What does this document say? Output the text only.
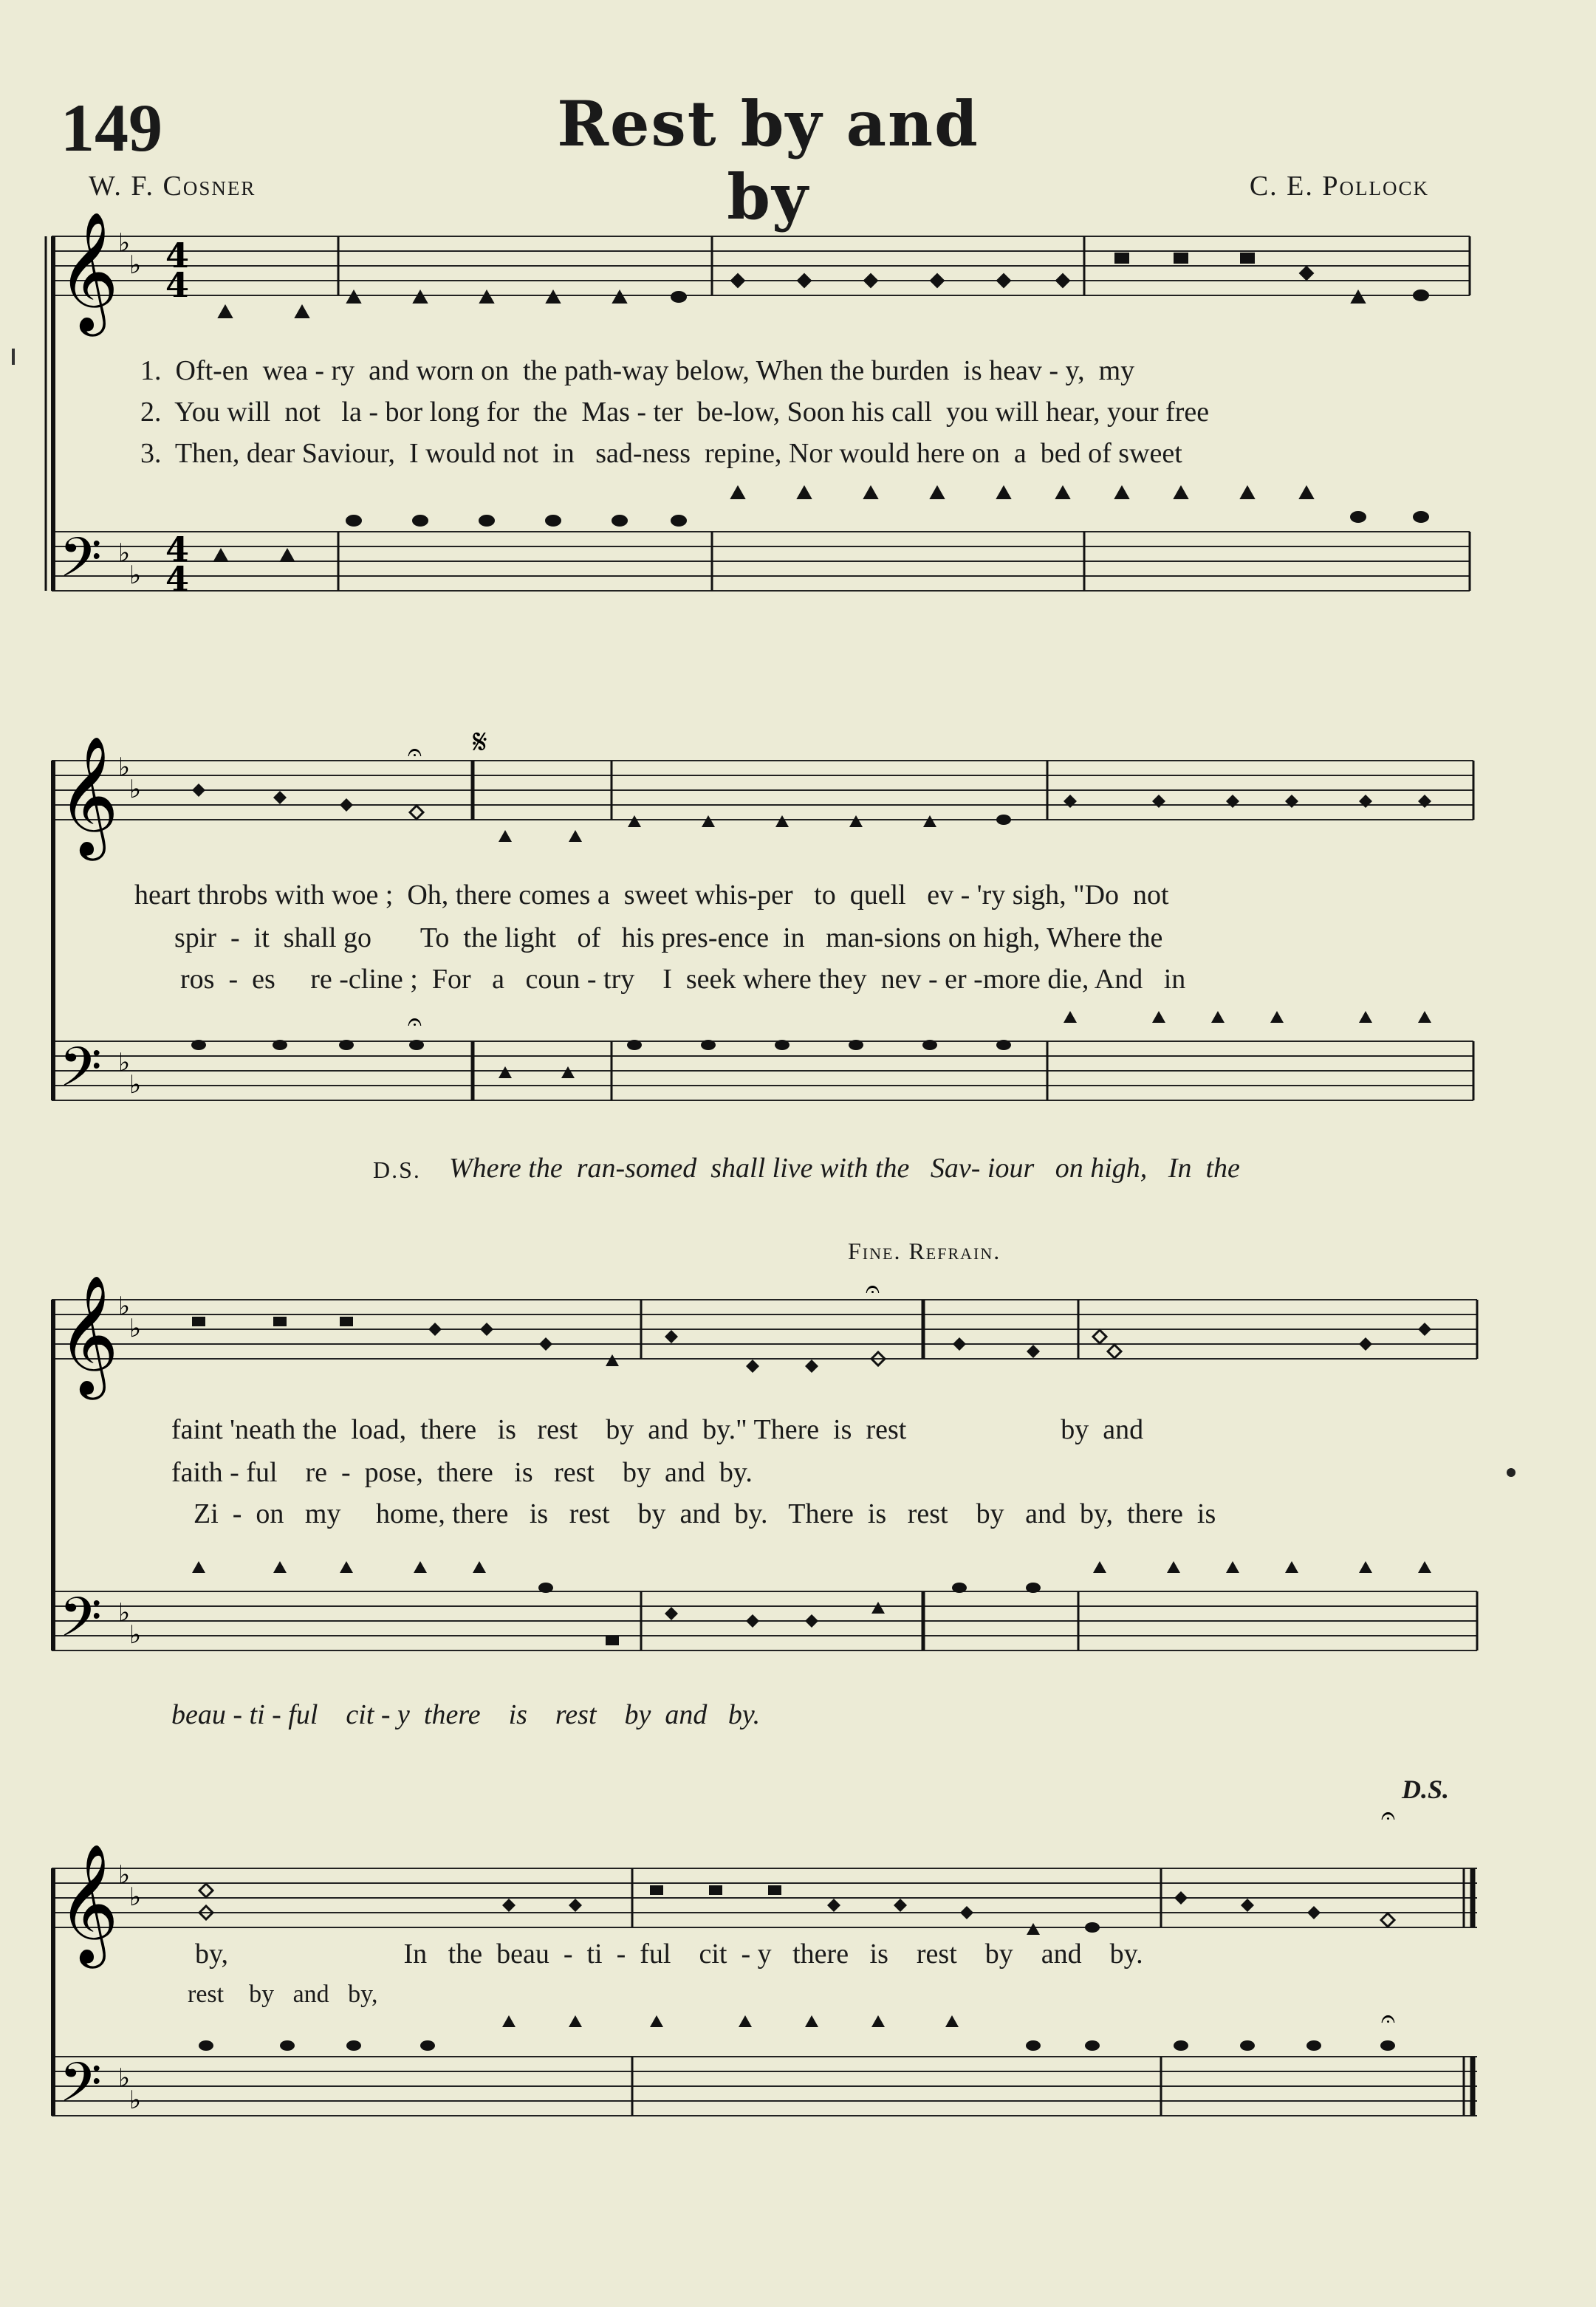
149	Rest by and by
W. F. Cosner	C. E. Pollock
𝄞
𝄢
♭
♭ 4
4
♭
♭
4
4
𝄞
𝄢
♭
♭
♭
♭
𝄋
𝄐
𝄐
𝄞
𝄢
♭
♭
♭
♭
𝄐
𝄞
𝄢
♭
♭
♭
♭
𝄐
𝄐
1.  Oft-en  wea - ry  and worn on  the path-way below, When the burden  is heav - y,  my
2.  You will  not   la - bor long for  the  Mas - ter  be-low, Soon his call  you will hear, your free
3.  Then, dear Saviour,  I would not  in   sad-ness  repine, Nor would here on  a  bed of sweet
heart throbs with woe ;  Oh, there comes a  sweet whis-per   to  quell   ev - 'ry sigh, "Do  not
spir  -  it  shall go       To  the light   of   his pres-ence  in   man-sions on high, Where the
ros  -  es     re -cline ;  For   a   coun - try    I  seek where they  nev - er -more die, And   in
D.S. Where the  ran-somed  shall live with the   Sav- iour   on high,   In  the
Fine. Refrain.
faint 'neath the  load,  there   is   rest    by  and  by." There  is  rest                      by  and
faith - ful    re  -  pose,  there   is   rest    by  and  by.
Zi  -  on   my     home, there   is   rest    by  and  by.   There  is   rest    by   and  by,  there  is
beau - ti - ful    cit - y  there    is    rest    by  and   by.
D.S.
by,                         In   the  beau  -  ti  -  ful    cit  - y   there   is    rest    by    and    by.
rest    by   and   by,
